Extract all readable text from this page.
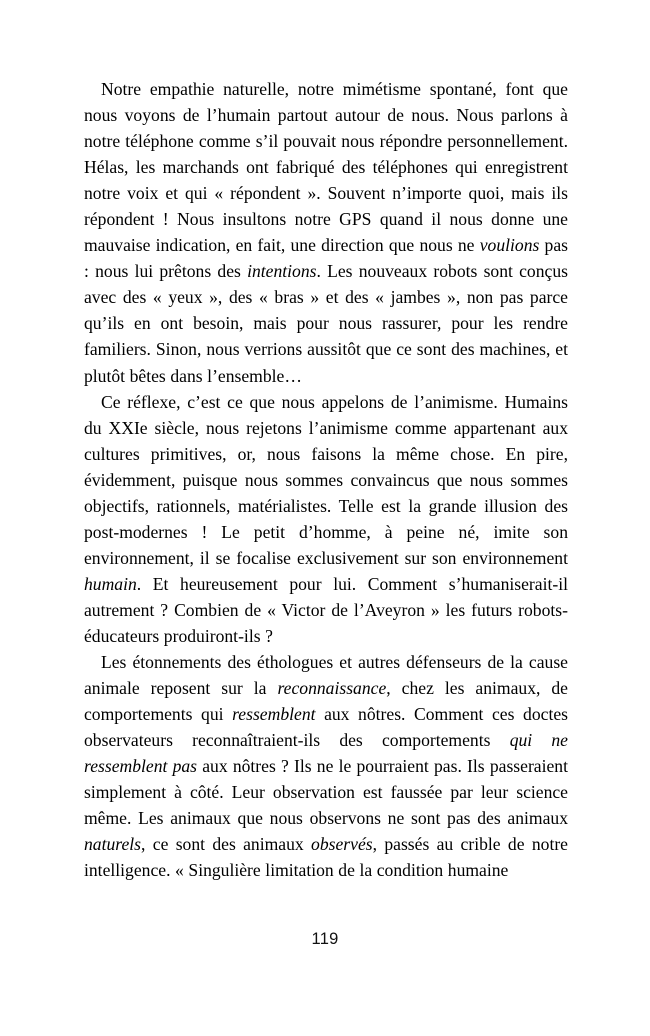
Notre empathie naturelle, notre mimétisme spontané, font que nous voyons de l’humain partout autour de nous. Nous parlons à notre téléphone comme s’il pouvait nous répondre personnellement. Hélas, les marchands ont fabriqué des téléphones qui enregistrent notre voix et qui « répondent ». Souvent n’importe quoi, mais ils répondent ! Nous insultons notre GPS quand il nous donne une mauvaise indication, en fait, une direction que nous ne voulions pas : nous lui prêtons des intentions. Les nouveaux robots sont conçus avec des « yeux », des « bras » et des « jambes », non pas parce qu’ils en ont besoin, mais pour nous rassurer, pour les rendre familiers. Sinon, nous verrions aussitôt que ce sont des machines, et plutôt bêtes dans l’ensemble…

Ce réflexe, c’est ce que nous appelons de l’animisme. Humains du XXIe siècle, nous rejetons l’animisme comme appartenant aux cultures primitives, or, nous faisons la même chose. En pire, évidemment, puisque nous sommes convaincus que nous sommes objectifs, rationnels, matérialistes. Telle est la grande illusion des post-modernes ! Le petit d’homme, à peine né, imite son environnement, il se focalise exclusivement sur son environnement humain. Et heureusement pour lui. Comment s’humaniserait-il autrement ? Combien de « Victor de l’Aveyron » les futurs robots-éducateurs produiront-ils ?

Les étonnements des éthologues et autres défenseurs de la cause animale reposent sur la reconnaissance, chez les animaux, de comportements qui ressemblent aux nôtres. Comment ces doctes observateurs reconnaîtraient-ils des comportements qui ne ressemblent pas aux nôtres ? Ils ne le pourraient pas. Ils passeraient simplement à côté. Leur observation est faussée par leur science même. Les animaux que nous observons ne sont pas des animaux naturels, ce sont des animaux observés, passés au crible de notre intelligence. « Singulière limitation de la condition humaine

119
